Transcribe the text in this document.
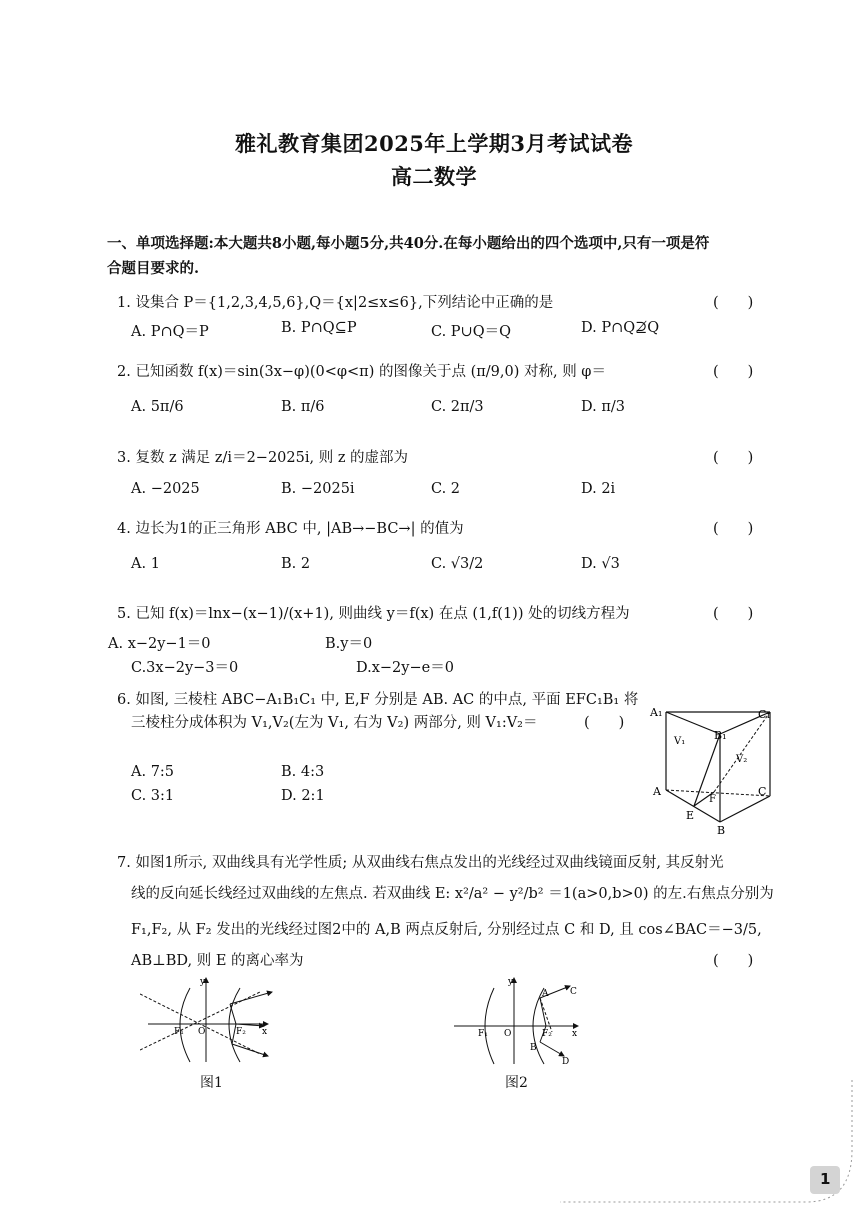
雅礼教育集团2025年上学期3月考试试卷
高二数学
一、单项选择题:本大题共8小题,每小题5分,共40分.在每小题给出的四个选项中,只有一项是符
合题目要求的.
1. 设集合 P＝{1,2,3,4,5,6},Q＝{x|2≤x≤6},下列结论中正确的是	(　　)
A. P∩Q＝P	B. P∩Q⊆P	C. P∪Q＝Q	D. P∩Q⊉Q
2. 已知函数 f(x)＝sin(3x−φ)(0<φ<π) 的图像关于点 (π/9,0) 对称, 则 φ＝	(　　)
A. 5π/6	B. π/6	C. 2π/3	D. π/3
3. 复数 z 满足 z/i＝2−2025i, 则 z 的虚部为	(　　)
A. −2025	B. −2025i	C. 2	D. 2i
4. 边长为1的正三角形 ABC 中, |AB→−BC→| 的值为	(　　)
A. 1	B. 2	C. √3/2	D. √3
5. 已知 f(x)＝lnx−(x−1)/(x+1), 则曲线 y＝f(x) 在点 (1,f(1)) 处的切线方程为	(　　)
A. x−2y−1＝0	B.y＝0
C.3x−2y−3＝0	D.x−2y−e＝0
6. 如图, 三棱柱 ABC−A₁B₁C₁ 中, E,F 分别是 AB. AC 的中点, 平面 EFC₁B₁ 将
三棱柱分成体积为 V₁,V₂(左为 V₁, 右为 V₂) 两部分, 则 V₁:V₂＝	(　　)
A. 7:5	B. 4:3
C. 3:1	D. 2:1
A₁	C₁
B₁
V₁
V₂
A	C
F
E
B
7. 如图1所示, 双曲线具有光学性质; 从双曲线右焦点发出的光线经过双曲线镜面反射, 其反射光
线的反向延长线经过双曲线的左焦点. 若双曲线 E: x²/a² − y²/b² ＝1(a>0,b>0) 的左.右焦点分别为
F₁,F₂, 从 F₂ 发出的光线经过图2中的 A,B 两点反射后, 分别经过点 C 和 D, 且 cos∠BAC＝−3/5,
AB⊥BD, 则 E 的离心率为	(　　)
y
x
O
F₁	F₂
图1
y
x
O
F₁	F₂
A C
B
D
图2
1
